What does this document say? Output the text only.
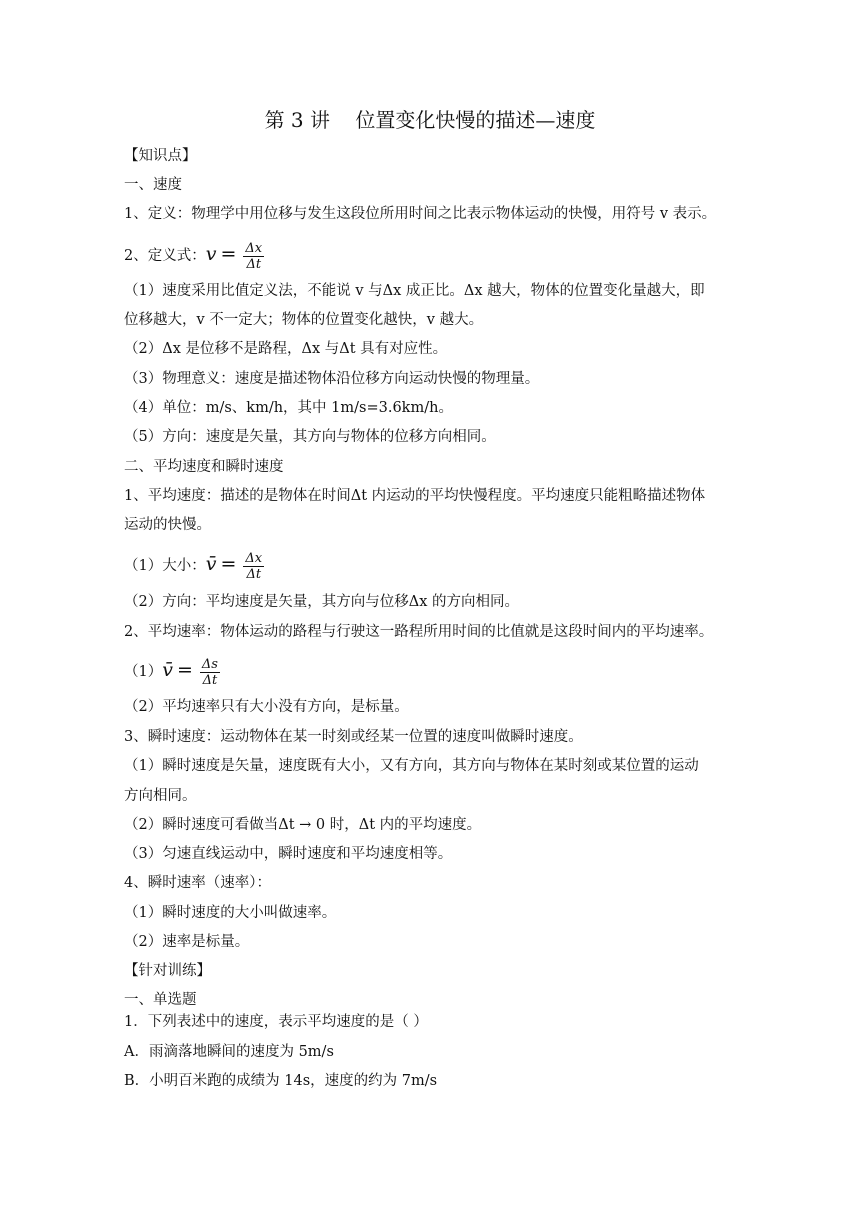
第 3 讲    位置变化快慢的描述—速度
【知识点】
一、速度
1、定义：物理学中用位移与发生这段位所用时间之比表示物体运动的快慢，用符号 v 表示。
2、定义式：$v = \frac{\Delta x}{\Delta t}$
（1）速度采用比值定义法，不能说 v 与Δx 成正比。Δx 越大，物体的位置变化量越大，即
位移越大，v 不一定大；物体的位置变化越快，v 越大。
（2）Δx 是位移不是路程，Δx 与Δt 具有对应性。
（3）物理意义：速度是描述物体沿位移方向运动快慢的物理量。
（4）单位：m/s、km/h，其中 1m/s=3.6km/h。
（5）方向：速度是矢量，其方向与物体的位移方向相同。
二、平均速度和瞬时速度
1、平均速度：描述的是物体在时间Δt 内运动的平均快慢程度。平均速度只能粗略描述物体
运动的快慢。
（1）大小：v̄ = $\frac{\Delta x}{\Delta t}$
（2）方向：平均速度是矢量，其方向与位移Δx 的方向相同。
2、平均速率：物体运动的路程与行驶这一路程所用时间的比值就是这段时间内的平均速率。
（1）v̄ = $\frac{\Delta s}{\Delta t}$
（2）平均速率只有大小没有方向，是标量。
3、瞬时速度：运动物体在某一时刻或经某一位置的速度叫做瞬时速度。
（1）瞬时速度是矢量，速度既有大小，又有方向，其方向与物体在某时刻或某位置的运动
方向相同。
（2）瞬时速度可看做当Δt → 0 时，Δt 内的平均速度。
（3）匀速直线运动中，瞬时速度和平均速度相等。
4、瞬时速率（速率）：
（1）瞬时速度的大小叫做速率。
（2）速率是标量。
【针对训练】
一、单选题
1．下列表述中的速度，表示平均速度的是（ ）
A．雨滴落地瞬间的速度为 5m/s
B．小明百米跑的成绩为 14s，速度的约为 7m/s
